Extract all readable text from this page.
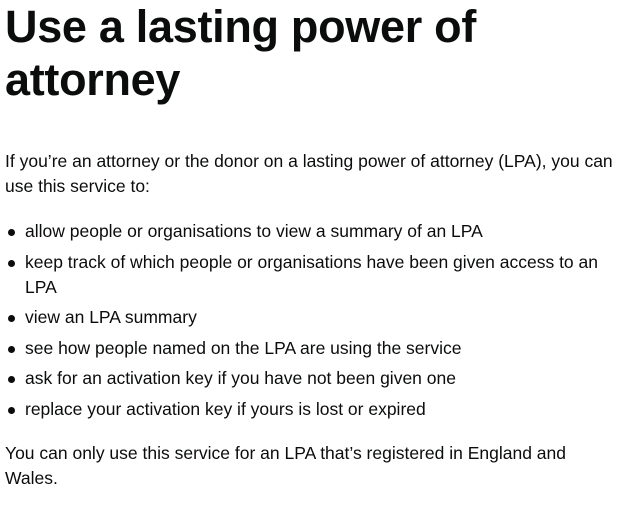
Use a lasting power of attorney

If you’re an attorney or the donor on a lasting power of attorney (LPA), you can use this service to:

allow people or organisations to view a summary of an LPA
keep track of which people or organisations have been given access to an LPA
view an LPA summary
see how people named on the LPA are using the service
ask for an activation key if you have not been given one
replace your activation key if yours is lost or expired

You can only use this service for an LPA that’s registered in England and Wales.
